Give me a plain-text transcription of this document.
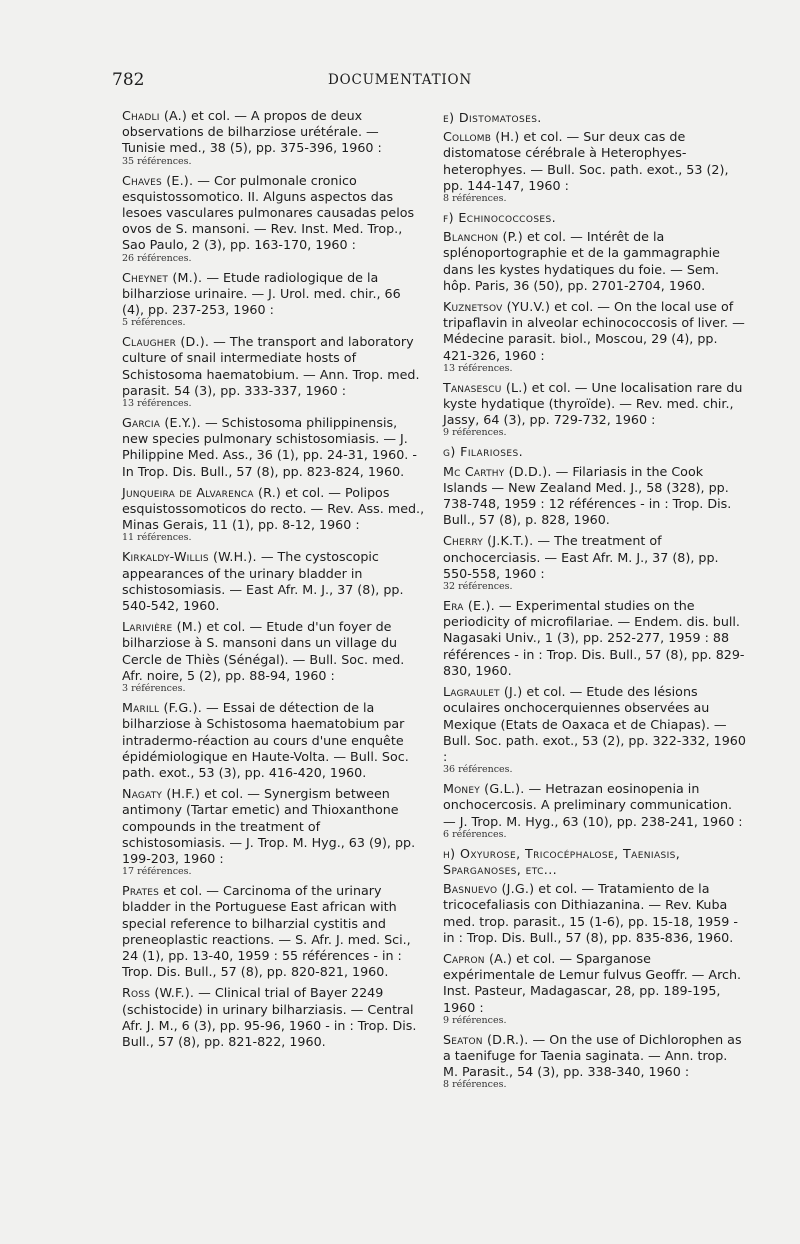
782	DOCUMENTATION
Chadli (A.) et col. — A propos de deux observations de bilharziose urétérale. — Tunisie med., 38 (5), pp. 375-396, 1960 :
35 références.
Chaves (E.). — Cor pulmonale cronico esquistossomotico. II. Alguns aspectos das lesoes vasculares pulmonares causadas pelos ovos de S. mansoni. — Rev. Inst. Med. Trop., Sao Paulo, 2 (3), pp. 163-170, 1960 :
26 références.
Cheynet (M.). — Etude radiologique de la bilharziose urinaire. — J. Urol. med. chir., 66 (4), pp. 237-253, 1960 :
5 références.
Claugher (D.). — The transport and laboratory culture of snail intermediate hosts of Schistosoma haematobium. — Ann. Trop. med. parasit. 54 (3), pp. 333-337, 1960 :
13 références.
Garcia (E.Y.). — Schistosoma philippinensis, new species pulmonary schistosomiasis. — J. Philippine Med. Ass., 36 (1), pp. 24-31, 1960. - In Trop. Dis. Bull., 57 (8), pp. 823-824, 1960.
Junqueira de Alvarenca (R.) et col. — Polipos esquistossomoticos do recto. — Rev. Ass. med., Minas Gerais, 11 (1), pp. 8-12, 1960 :
11 références.
Kirkaldy-Willis (W.H.). — The cystoscopic appearances of the urinary bladder in schistosomiasis. — East Afr. M. J., 37 (8), pp. 540-542, 1960.
Larivière (M.) et col. — Etude d'un foyer de bilharziose à S. mansoni dans un village du Cercle de Thiès (Sénégal). — Bull. Soc. med. Afr. noire, 5 (2), pp. 88-94, 1960 :
3 références.
Marill (F.G.). — Essai de détection de la bilharziose à Schistosoma haematobium par intradermo-réaction au cours d'une enquête épidémiologique en Haute-Volta. — Bull. Soc. path. exot., 53 (3), pp. 416-420, 1960.
Nagaty (H.F.) et col. — Synergism between antimony (Tartar emetic) and Thioxanthone compounds in the treatment of schistosomiasis. — J. Trop. M. Hyg., 63 (9), pp. 199-203, 1960 :
17 références.
Prates et col. — Carcinoma of the urinary bladder in the Portuguese East african with special reference to bilharzial cystitis and preneoplastic reactions. — S. Afr. J. med. Sci., 24 (1), pp. 13-40, 1959 : 55 références - in : Trop. Dis. Bull., 57 (8), pp. 820-821, 1960.
Ross (W.F.). — Clinical trial of Bayer 2249 (schistocide) in urinary bilharziasis. — Central Afr. J. M., 6 (3), pp. 95-96, 1960 - in : Trop. Dis. Bull., 57 (8), pp. 821-822, 1960.
e) Distomatoses.
Collomb (H.) et col. — Sur deux cas de distomatose cérébrale à Heterophyes-heterophyes. — Bull. Soc. path. exot., 53 (2), pp. 144-147, 1960 :
8 références.
f) Echinococcoses.
Blanchon (P.) et col. — Intérêt de la splénoportographie et de la gammagraphie dans les kystes hydatiques du foie. — Sem. hôp. Paris, 36 (50), pp. 2701-2704, 1960.
Kuznetsov (YU.V.) et col. — On the local use of tripaflavin in alveolar echinococcosis of liver. — Médecine parasit. biol., Moscou, 29 (4), pp. 421-326, 1960 :
13 références.
Tanasescu (L.) et col. — Une localisation rare du kyste hydatique (thyroïde). — Rev. med. chir., Jassy, 64 (3), pp. 729-732, 1960 :
9 références.
g) Filarioses.
Mc Carthy (D.D.). — Filariasis in the Cook Islands — New Zealand Med. J., 58 (328), pp. 738-748, 1959 : 12 références - in : Trop. Dis. Bull., 57 (8), p. 828, 1960.
Cherry (J.K.T.). — The treatment of onchocerciasis. — East Afr. M. J., 37 (8), pp. 550-558, 1960 :
32 références.
Era (E.). — Experimental studies on the periodicity of microfilariae. — Endem. dis. bull. Nagasaki Univ., 1 (3), pp. 252-277, 1959 : 88 références - in : Trop. Dis. Bull., 57 (8), pp. 829-830, 1960.
Lagraulet (J.) et col. — Etude des lésions oculaires onchocerquiennes observées au Mexique (Etats de Oaxaca et de Chiapas). — Bull. Soc. path. exot., 53 (2), pp. 322-332, 1960 :
36 références.
Money (G.L.). — Hetrazan eosinopenia in onchocercosis. A preliminary communication. — J. Trop. M. Hyg., 63 (10), pp. 238-241, 1960 :
6 références.
h) Oxyurose, Tricocéphalose, Taeniasis, Sparganoses, etc...
Basnuevo (J.G.) et col. — Tratamiento de la tricocefaliasis con Dithiazanina. — Rev. Kuba med. trop. parasit., 15 (1-6), pp. 15-18, 1959 - in : Trop. Dis. Bull., 57 (8), pp. 835-836, 1960.
Capron (A.) et col. — Sparganose expérimentale de Lemur fulvus Geoffr. — Arch. Inst. Pasteur, Madagascar, 28, pp. 189-195, 1960 :
9 références.
Seaton (D.R.). — On the use of Dichlorophen as a taenifuge for Taenia saginata. — Ann. trop. M. Parasit., 54 (3), pp. 338-340, 1960 :
8 références.
